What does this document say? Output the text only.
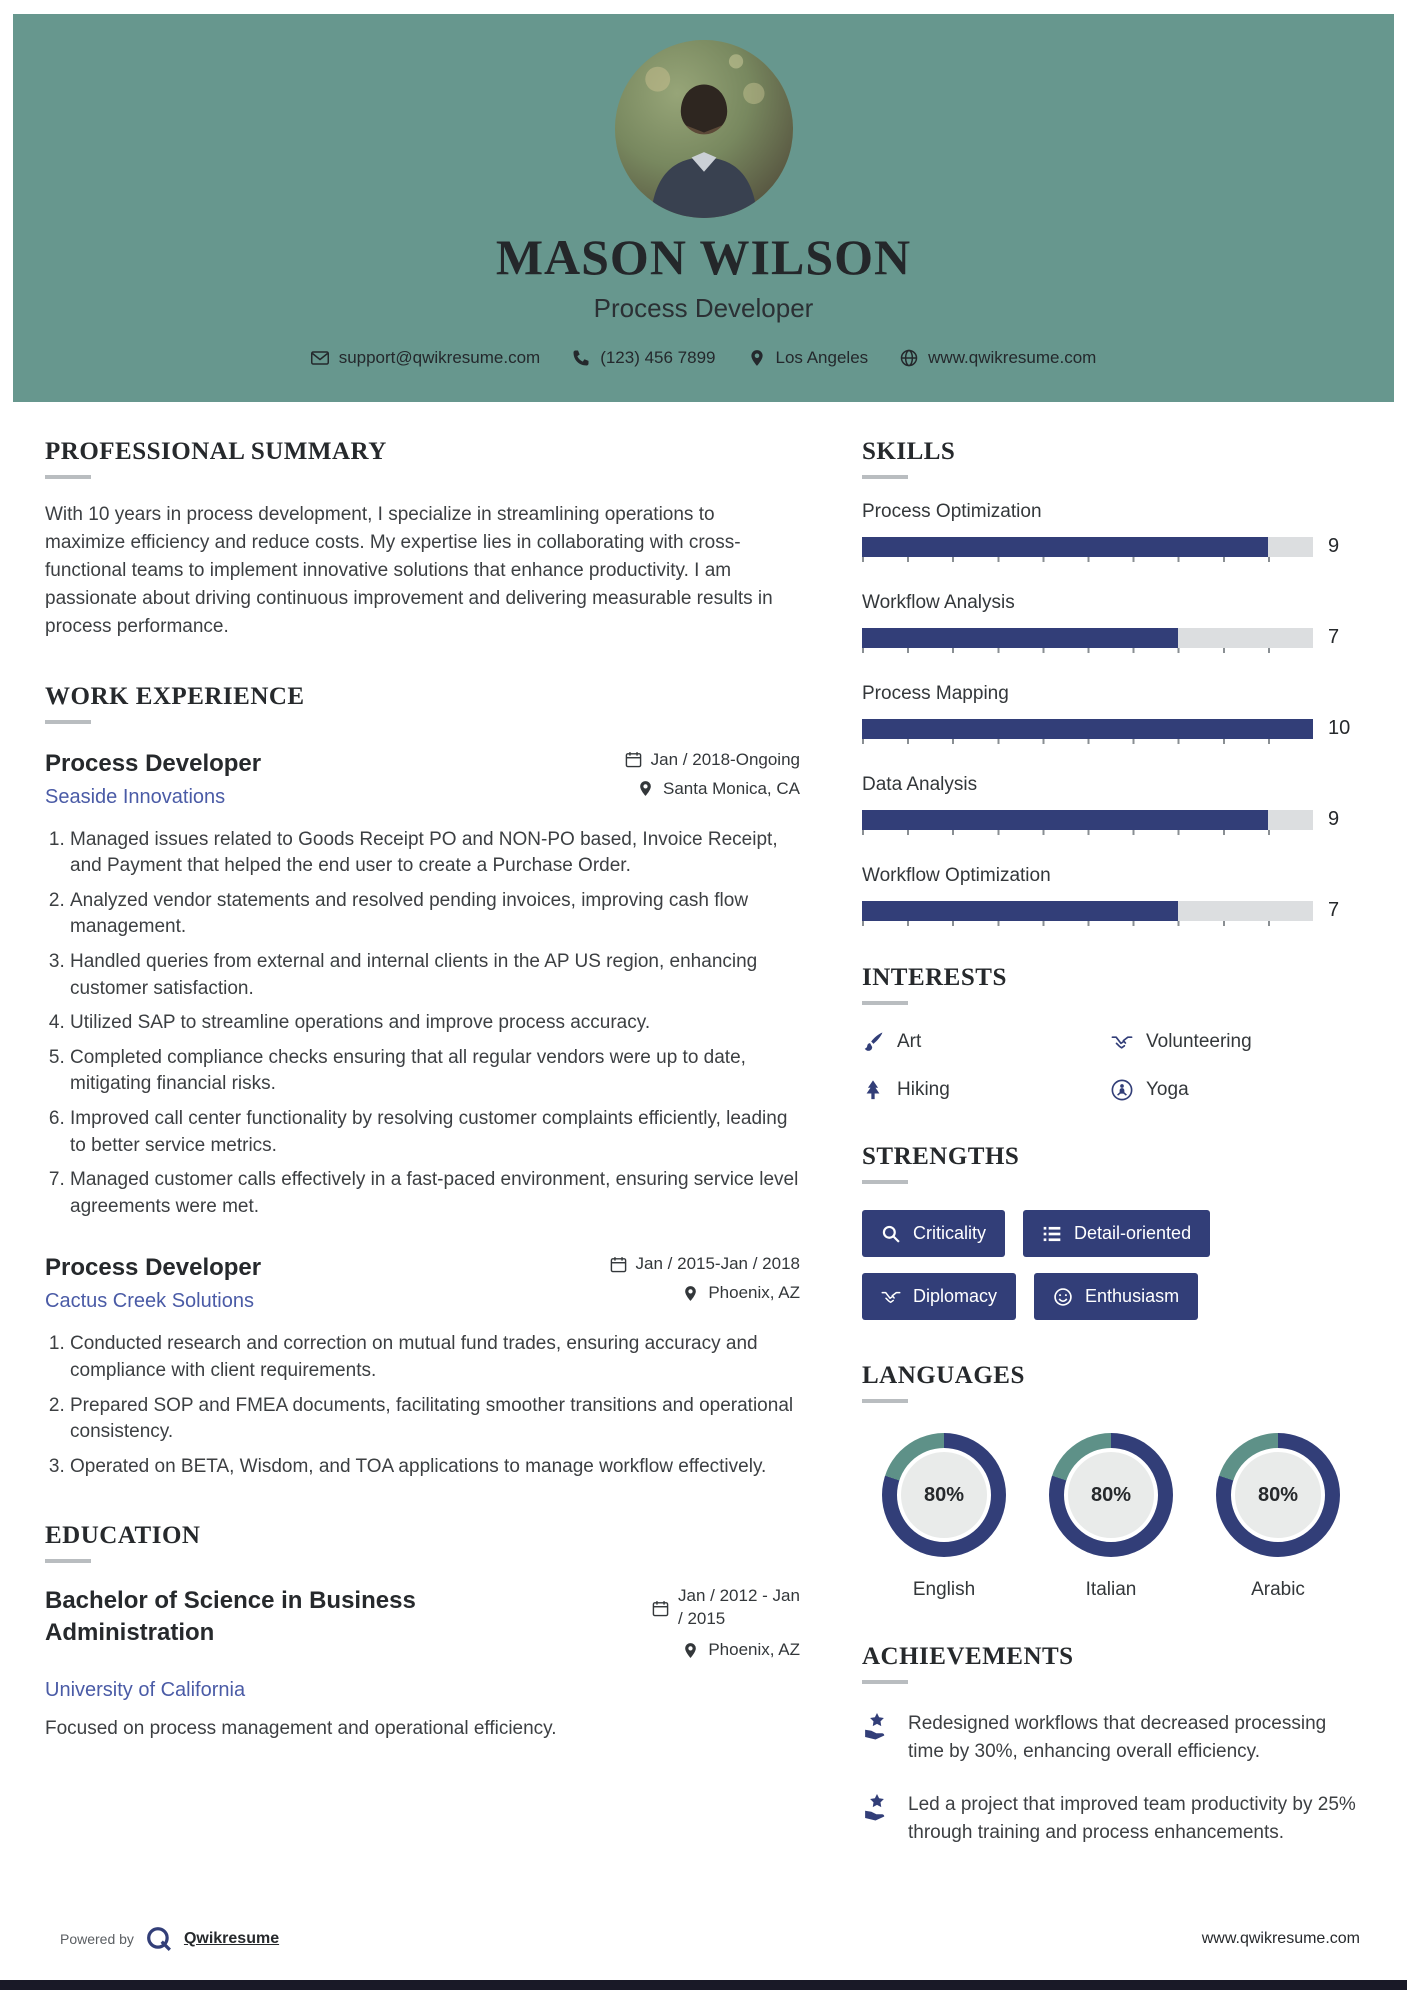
MASON WILSON
Process Developer
support@qwikresume.com	(123) 456 7899	Los Angeles	www.qwikresume.com
PROFESSIONAL SUMMARY
With 10 years in process development, I specialize in streamlining operations to maximize efficiency and reduce costs. My expertise lies in collaborating with cross-functional teams to implement innovative solutions that enhance productivity. I am passionate about driving continuous improvement and delivering measurable results in process performance.
WORK EXPERIENCE
Process Developer
Seaside Innovations
Jan / 2018-Ongoing
Santa Monica, CA
1. Managed issues related to Goods Receipt PO and NON-PO based, Invoice Receipt, and Payment that helped the end user to create a Purchase Order.
2. Analyzed vendor statements and resolved pending invoices, improving cash flow management.
3. Handled queries from external and internal clients in the AP US region, enhancing customer satisfaction.
4. Utilized SAP to streamline operations and improve process accuracy.
5. Completed compliance checks ensuring that all regular vendors were up to date, mitigating financial risks.
6. Improved call center functionality by resolving customer complaints efficiently, leading to better service metrics.
7. Managed customer calls effectively in a fast-paced environment, ensuring service level agreements were met.
Process Developer
Cactus Creek Solutions
Jan / 2015-Jan / 2018
Phoenix, AZ
1. Conducted research and correction on mutual fund trades, ensuring accuracy and compliance with client requirements.
2. Prepared SOP and FMEA documents, facilitating smoother transitions and operational consistency.
3. Operated on BETA, Wisdom, and TOA applications to manage workflow effectively.
EDUCATION
Bachelor of Science in Business Administration
Jan / 2012 - Jan / 2015
Phoenix, AZ
University of California
Focused on process management and operational efficiency.
SKILLS
Process Optimization
9
Workflow Analysis
7
Process Mapping
10
Data Analysis
9
Workflow Optimization
7
INTERESTS
Art	Volunteering
Hiking	Yoga
STRENGTHS
Criticality	Detail-oriented
Diplomacy	Enthusiasm
LANGUAGES
80%
English
80%
Italian
80%
Arabic
ACHIEVEMENTS
Redesigned workflows that decreased processing time by 30%, enhancing overall efficiency.
Led a project that improved team productivity by 25% through training and process enhancements.
Powered by	Qwikresume	www.qwikresume.com
